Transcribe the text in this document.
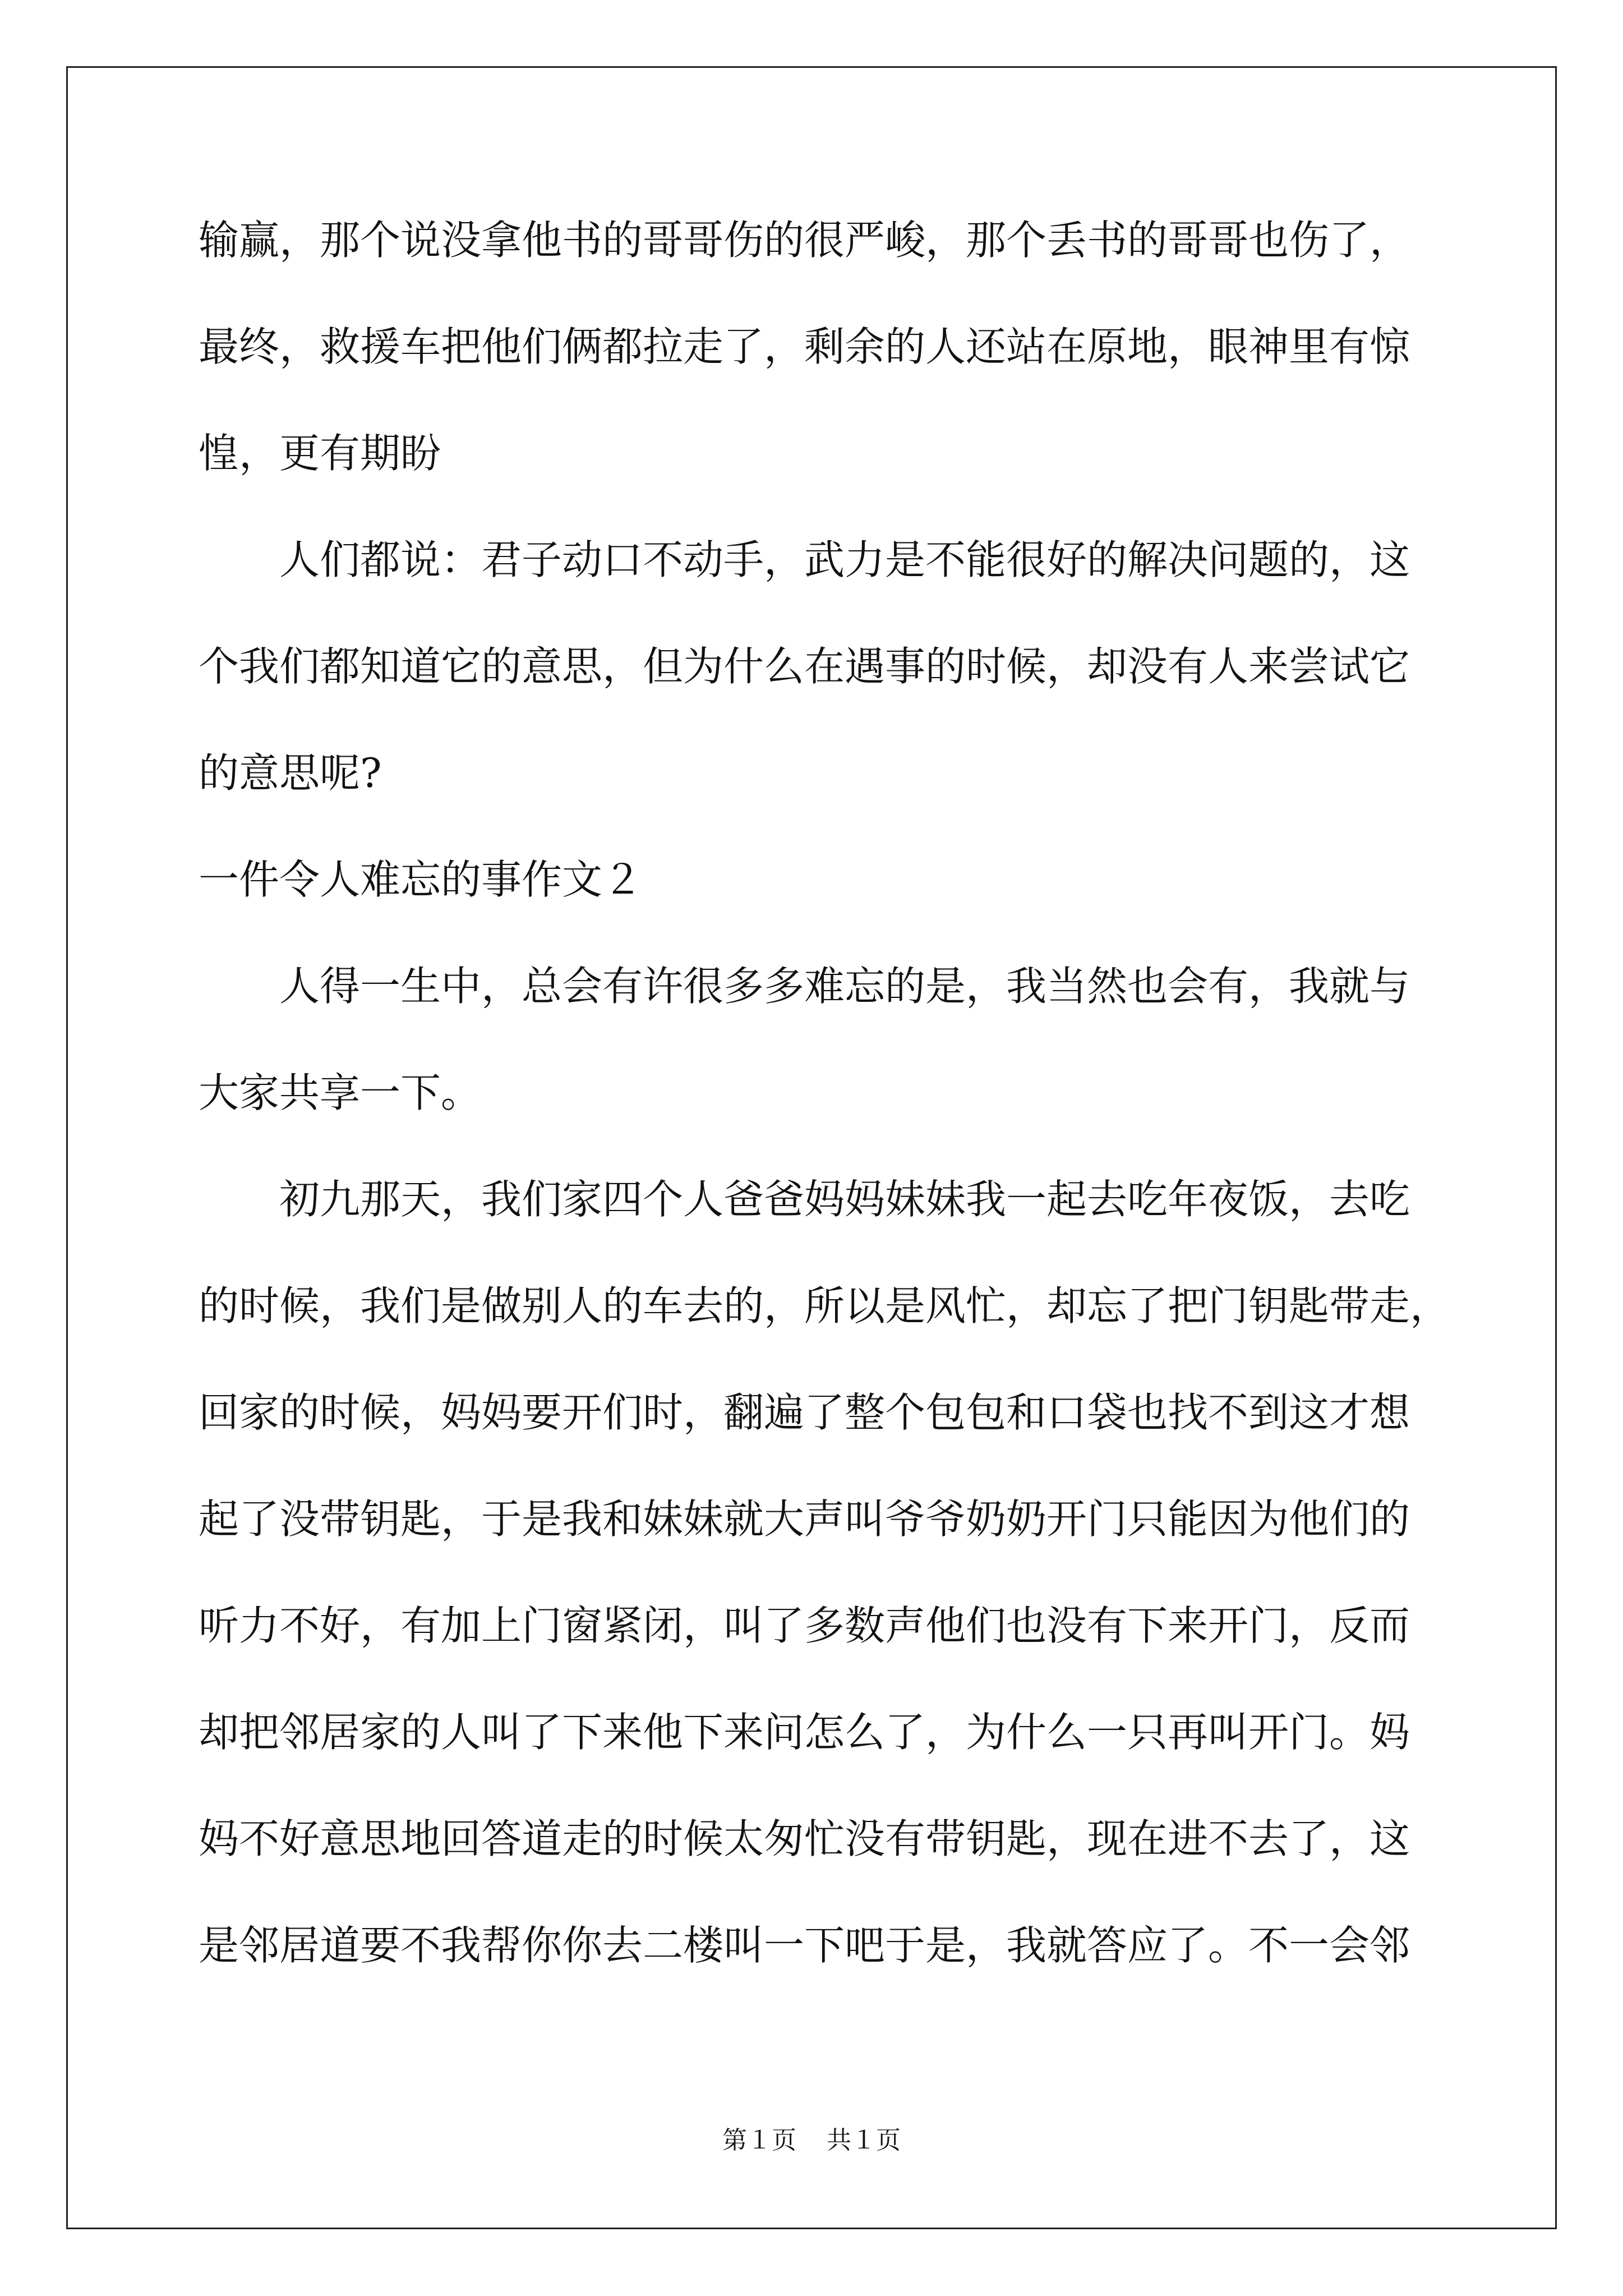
输赢，那个说没拿他书的哥哥伤的很严峻，那个丢书的哥哥也伤了，
最终，救援车把他们俩都拉走了，剩余的人还站在原地，眼神里有惊
惶，更有期盼
　　人们都说：君子动口不动手，武力是不能很好的解决问题的，这
个我们都知道它的意思，但为什么在遇事的时候，却没有人来尝试它
的意思呢?
一件令人难忘的事作文２
　　人得一生中，总会有许很多多难忘的是，我当然也会有，我就与
大家共享一下。
　　初九那天，我们家四个人爸爸妈妈妹妹我一起去吃年夜饭，去吃
的时候，我们是做别人的车去的，所以是风忙，却忘了把门钥匙带走，
回家的时候，妈妈要开们时，翻遍了整个包包和口袋也找不到这才想
起了没带钥匙，于是我和妹妹就大声叫爷爷奶奶开门只能因为他们的
听力不好，有加上门窗紧闭，叫了多数声他们也没有下来开门，反而
却把邻居家的人叫了下来他下来问怎么了，为什么一只再叫开门。妈
妈不好意思地回答道走的时候太匆忙没有带钥匙，现在进不去了，这
是邻居道要不我帮你你去二楼叫一下吧于是，我就答应了。不一会邻
第１页 共１页
